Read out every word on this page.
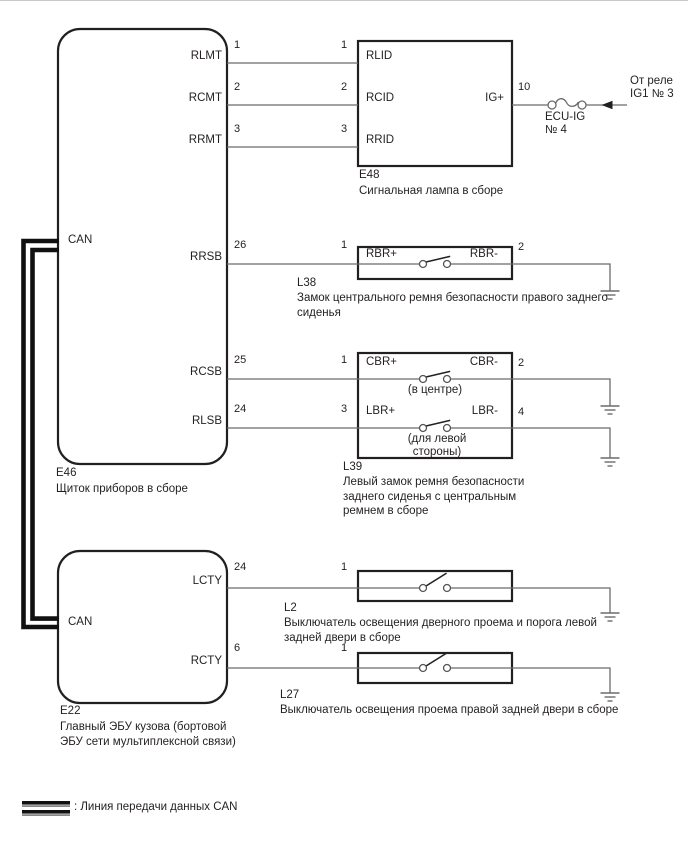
CAN
RLMT
RCMT
RRMT
RRSB
RCSB
RLSB
1
2
3
26
25
24
E46
Щиток приборов в сборе
1
2
3
RLID
RCID
RRID
IG+
10
E48
Сигнальная лампа в сборе
ECU-IG
№ 4
От реле
IG1 № 3
1
RBR+	RBR-
2
L38
Замок центрального ремня безопасности правого заднего сиденья
1 CBR+	CBR- 2
(в центре)
3 LBR+	LBR- 4
(для левой стороны)
L39
Левый замок ремня безопасности заднего сиденья с центральным ремнем в сборе
CAN
LCTY
RCTY
24
6
E22
Главный ЭБУ кузова (бортовой ЭБУ сети мультиплексной связи)
1
L2
Выключатель освещения дверного проема и порога левой задней двери в сборе
1
L27
Выключатель освещения проема правой задней двери в сборе
: Линия передачи данных CAN
